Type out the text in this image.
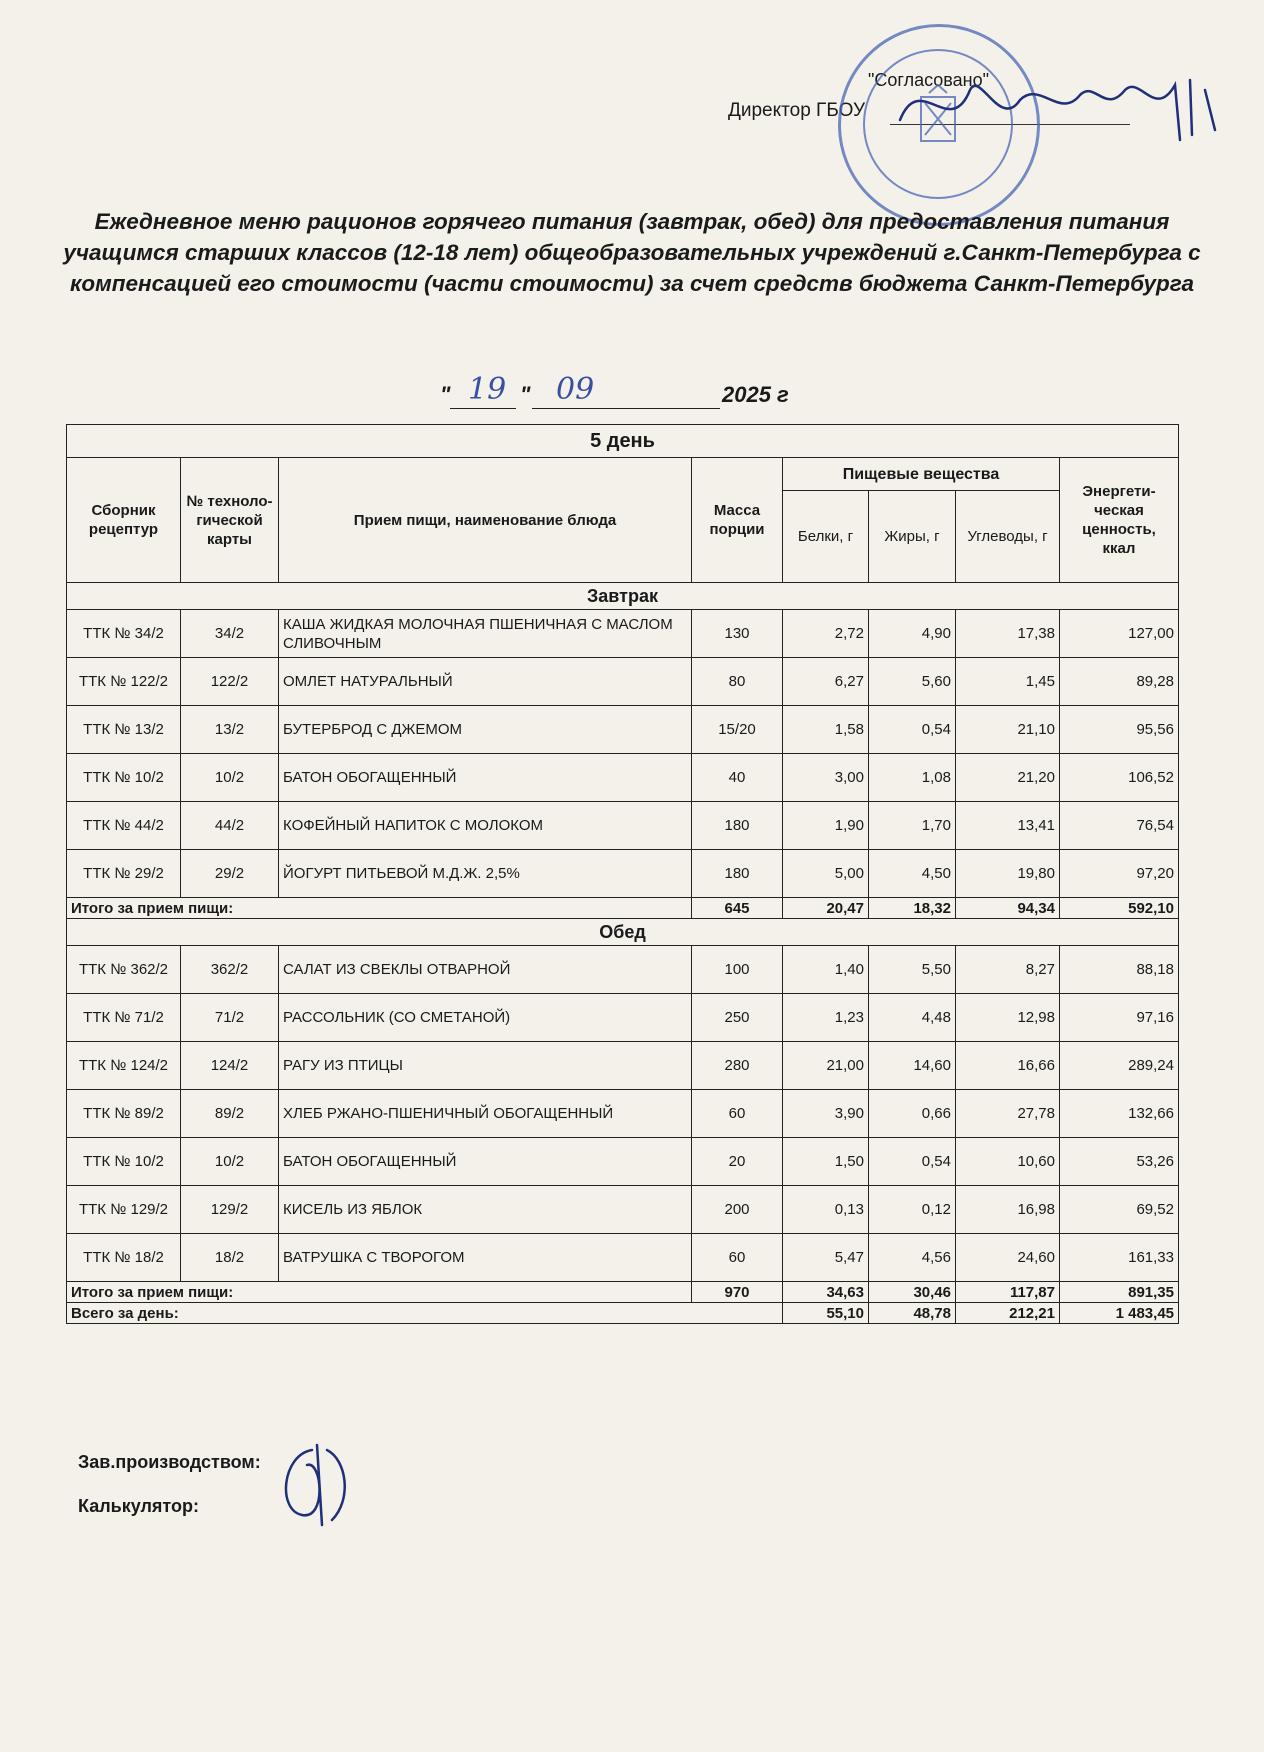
"Согласовано"
Директор ГБОУ
Ежедневное меню рационов горячего питания (завтрак, обед) для предоставления питания учащимся старших классов (12-18 лет) общеобразовательных учреждений г.Санкт-Петербурга с компенсацией его стоимости (части стоимости) за счет средств бюджета Санкт-Петербурга
" 19 " 09	2025 г
5 день							
Сборник рецептур	№ техноло-гической карты	Прием пищи, наименование блюда	Масса порции	Пищевые вещества			Энергети-ческая ценность, ккал
				Белки, г	Жиры, г	Углеводы, г	
Завтрак							
ТТК № 34/2	34/2	КАША ЖИДКАЯ МОЛОЧНАЯ ПШЕНИЧНАЯ С МАСЛОМ СЛИВОЧНЫМ	130	2,72	4,90	17,38	127,00
ТТК № 122/2	122/2	ОМЛЕТ НАТУРАЛЬНЫЙ	80	6,27	5,60	1,45	89,28
ТТК № 13/2	13/2	БУТЕРБРОД С ДЖЕМОМ	15/20	1,58	0,54	21,10	95,56
ТТК № 10/2	10/2	БАТОН ОБОГАЩЕННЫЙ	40	3,00	1,08	21,20	106,52
ТТК № 44/2	44/2	КОФЕЙНЫЙ НАПИТОК С МОЛОКОМ	180	1,90	1,70	13,41	76,54
ТТК № 29/2	29/2	ЙОГУРТ ПИТЬЕВОЙ М.Д.Ж. 2,5%	180	5,00	4,50	19,80	97,20
Итого за прием пищи:			645	20,47	18,32	94,34	592,10
Обед							
ТТК № 362/2	362/2	САЛАТ ИЗ СВЕКЛЫ ОТВАРНОЙ	100	1,40	5,50	8,27	88,18
ТТК № 71/2	71/2	РАССОЛЬНИК (СО СМЕТАНОЙ)	250	1,23	4,48	12,98	97,16
ТТК № 124/2	124/2	РАГУ ИЗ ПТИЦЫ	280	21,00	14,60	16,66	289,24
ТТК № 89/2	89/2	ХЛЕБ РЖАНО-ПШЕНИЧНЫЙ ОБОГАЩЕННЫЙ	60	3,90	0,66	27,78	132,66
ТТК № 10/2	10/2	БАТОН ОБОГАЩЕННЫЙ	20	1,50	0,54	10,60	53,26
ТТК № 129/2	129/2	КИСЕЛЬ ИЗ ЯБЛОК	200	0,13	0,12	16,98	69,52
ТТК № 18/2	18/2	ВАТРУШКА С ТВОРОГОМ	60	5,47	4,56	24,60	161,33
Итого за прием пищи:			970	34,63	30,46	117,87	891,35
Всего за день:				55,10	48,78	212,21	1 483,45
Зав.производством:
Калькулятор:
